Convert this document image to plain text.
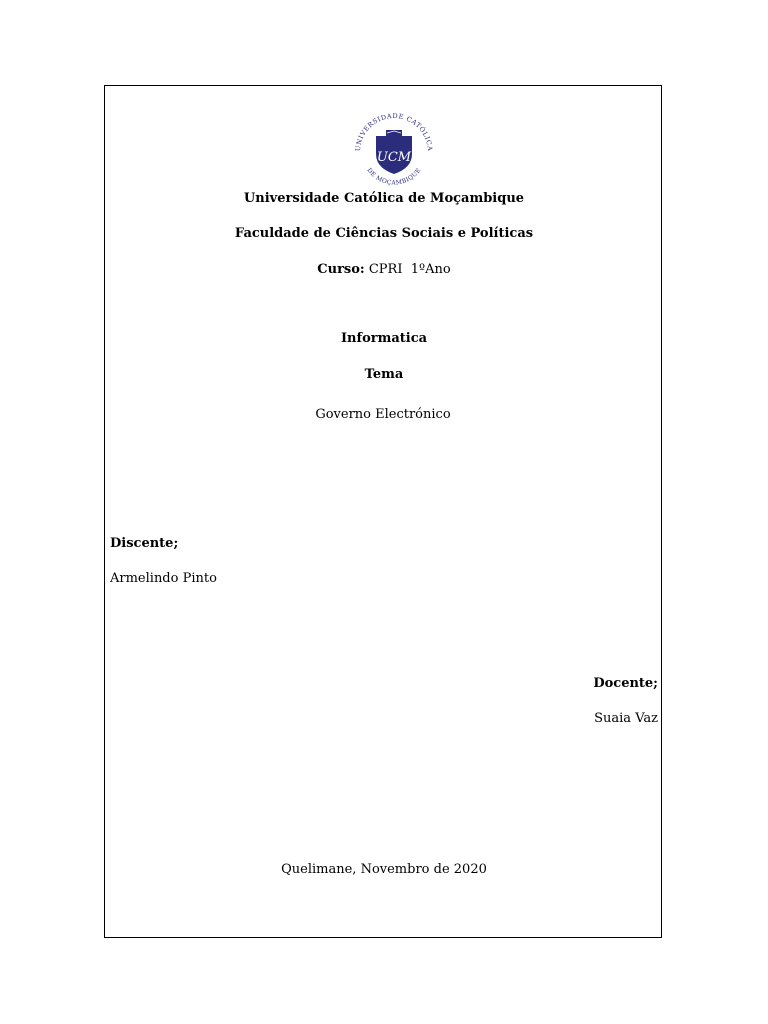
UNIVERSIDADE CATÓLICA
DE MOÇAMBIQUE
UCM
Universidade Católica de Moçambique
Faculdade de Ciências Sociais e Políticas
Curso: CPRI  1ºAno
Informatica
Tema
Governo Electrónico
Discente;
Armelindo Pinto
Docente;
Suaia Vaz
Quelimane, Novembro de 2020
